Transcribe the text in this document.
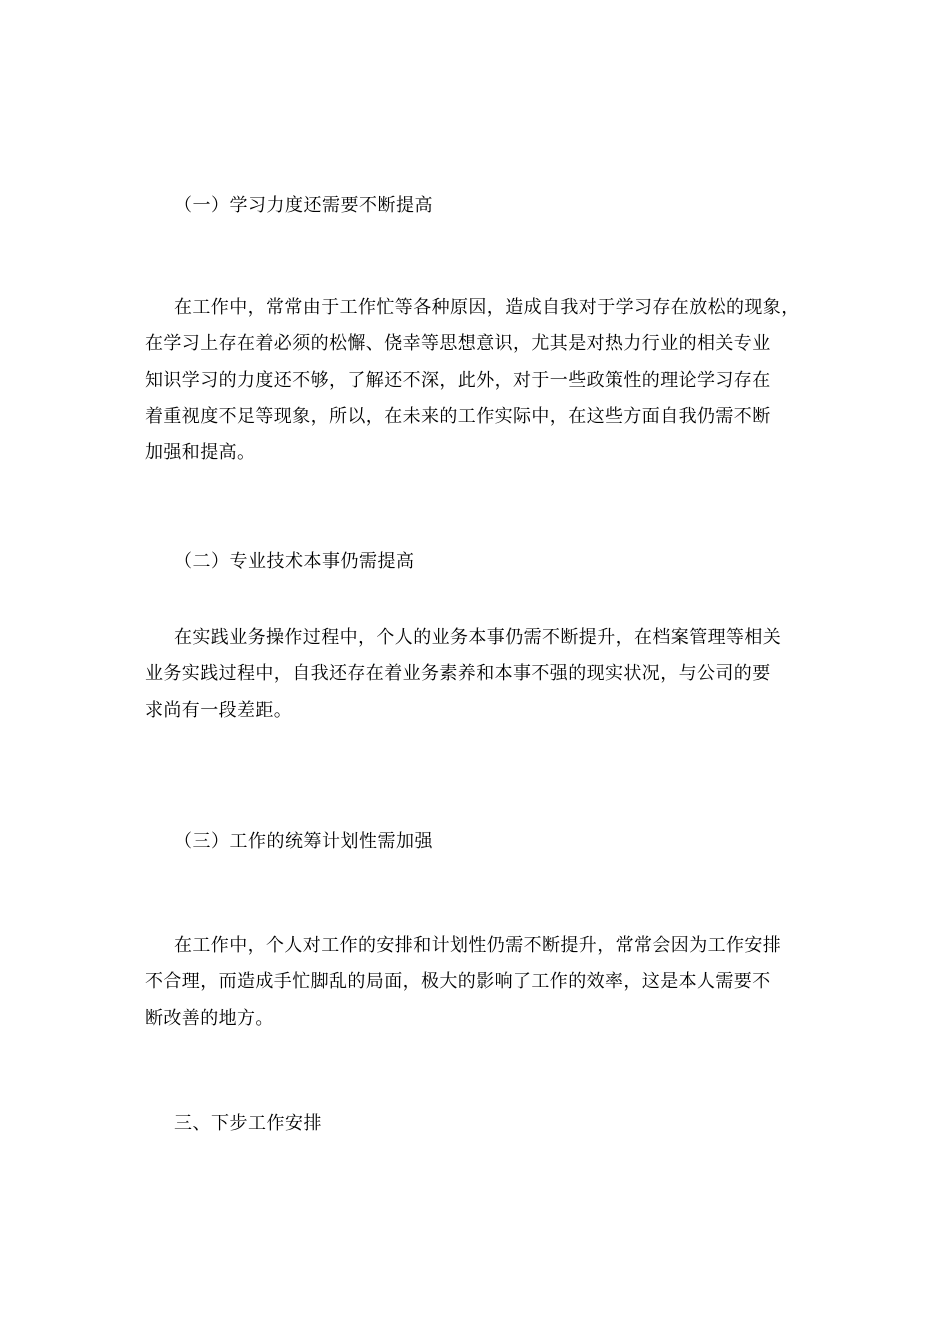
（一）学习力度还需要不断提高
在工作中，常常由于工作忙等各种原因，造成自我对于学习存在放松的现象，
在学习上存在着必须的松懈、侥幸等思想意识，尤其是对热力行业的相关专业
知识学习的力度还不够，了解还不深，此外，对于一些政策性的理论学习存在
着重视度不足等现象，所以，在未来的工作实际中，在这些方面自我仍需不断
加强和提高。
（二）专业技术本事仍需提高
在实践业务操作过程中，个人的业务本事仍需不断提升，在档案管理等相关
业务实践过程中，自我还存在着业务素养和本事不强的现实状况，与公司的要
求尚有一段差距。
（三）工作的统筹计划性需加强
在工作中，个人对工作的安排和计划性仍需不断提升，常常会因为工作安排
不合理，而造成手忙脚乱的局面，极大的影响了工作的效率，这是本人需要不
断改善的地方。
三、下步工作安排
